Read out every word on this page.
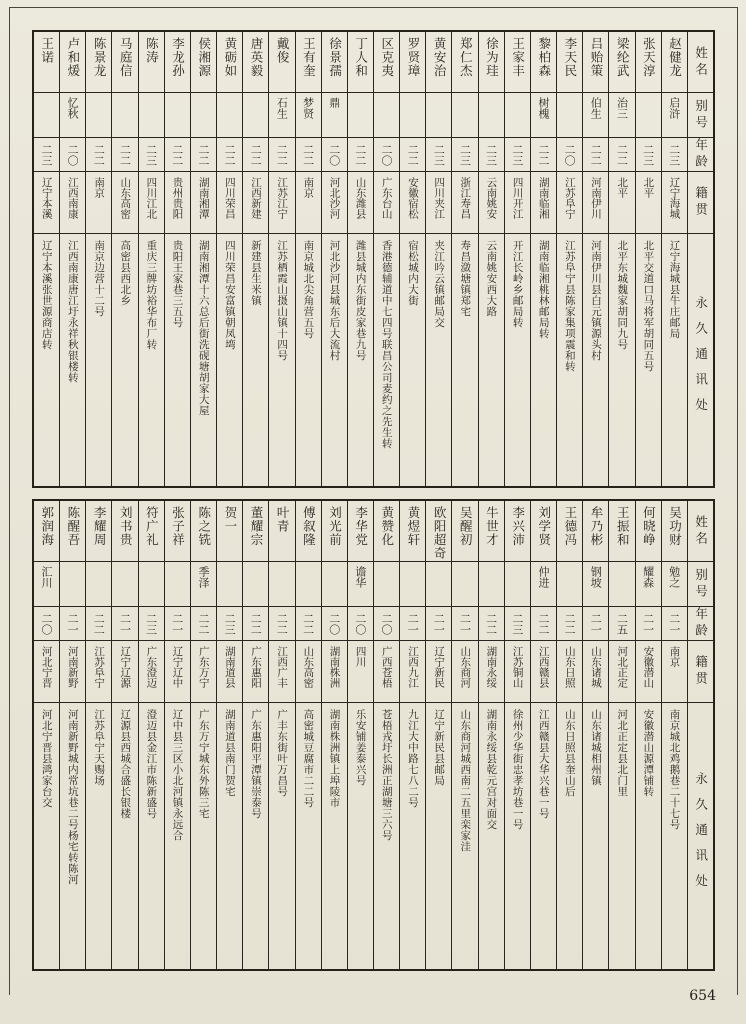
姓名
别号
年龄
籍贯
永久通讯处
赵健龙
启浒
二三
辽宁海城
辽宁海城县牛庄邮局
张天淳
二三
北平
北平交道口马将军胡同五号
梁纶武
治三
二二
北平
北平东城魏家胡同九号
吕贻策
伯生
二二
河南伊川
河南伊川县白元镇源头村
李天民
二〇
江苏阜宁
江苏阜宁县陈家集项震和转
黎柏森
树槐
二二
湖南临湘
湖南临湘桃林邮局转
王家丰
二三
四川开江
开江长岭乡邮局转
徐为珪
二三
云南姚安
云南姚安西大路
郑仁杰
二三
浙江寿昌
寿昌潋塘镇郑宅
黄安治
二三
四川夹江
夹江吟云镇邮局交
罗贤璋
二二
安徽宿松
宿松城内大街
区克夷
二〇
广东台山
香港德辅道中七四号联昌公司麦约之先生转
丁人和
二二
山东潍县
潍县城内东街皮家巷九号
徐景孺
鼎
二〇
河北沙河
河北沙河县城东后大流村
王有奎
梦贤
二二
南京
南京城北尖角营五号
戴俊
石生
二二
江苏江宁
江苏栖霞山摄山镇十四号
唐英毅
二二
江西新建
新建县生米镇
黄砺如
二二
四川荣昌
四川荣昌安富镇朝凤塆
侯湘源
二二
湖南湘潭
湖南湘潭十六总后街洗砚塘胡家大屋
李龙孙
二二
贵州贵阳
贵阳王家巷三五号
陈涛
二三
四川江北
重庆三牌坊裕华布厂转
马庭信
二二
山东高密
高密县西北乡
陈景龙
二二
南京
南京边营十二号
卢和煖
忆秋
二〇
江西南康
江西南康唐江圩永祥秋银楼转
王诺
二三
辽宁本溪
辽宁本溪张世源商店转
姓名
别号
年龄
籍贯
永久通讯处
吴功财
勉之
二一
南京
南京城北鸡鹅巷二十七号
何晓峥
耀森
二一
安徽潜山
安徽潜山源潭铺转
王振和
二五
河北正定
河北正定县北门里
牟乃彬
钢坡
二一
山东诸城
山东诸城相州镇
王德冯
二二
山东日照
山东日照县奎山后
刘学贤
仲进
二二
江西赣县
江西赣县大华兴巷一号
李兴沛
二三
江苏铜山
徐州少华街忠孝坊巷一号
牛世才
二二
湖南永绥
湖南永绥县乾元宫对面交
吴醒初
二一
山东商河
山东商河城西南二五里栾家洼
欧阳超奇
二一
辽宁新民
辽宁新民县邮局
黄煜轩
二一
江西九江
九江大中路七八二号
黄赞化
二〇
广西苍梧
苍梧戎圩长洲正湖塘三六号
李华党
谵华
二〇
四川
乐安铺姜泰兴号
刘光前
二〇
湖南株洲
湖南株洲镇上埠陵市
傅叙隆
二二
山东高密
高密城豆腐市二二号
叶青
二二
江西广丰
广丰东街叶万昌号
董耀宗
二二
广东惠阳
广东惠阳平潭镇崇泰号
贺一
二三
湖南道县
湖南道县南门贺宅
陈之铣
季泽
二二
广东万宁
广东万宁城东外陈三宅
张子祥
二一
辽宁辽中
辽中县三区小北河镇永远合
符广礼
二三
广东澄迈
澄迈县金江市陈新盛号
刘书贵
二一
辽宁辽源
辽源县西城合盛长银楼
李耀周
二二
江苏阜宁
江苏阜宁天赐场
陈醒吾
二一
河南新野
河南新野城内常坑巷二号杨宅转陈河
郭润海
汇川
二〇
河北宁晋
河北宁晋县鸿家台交
654
